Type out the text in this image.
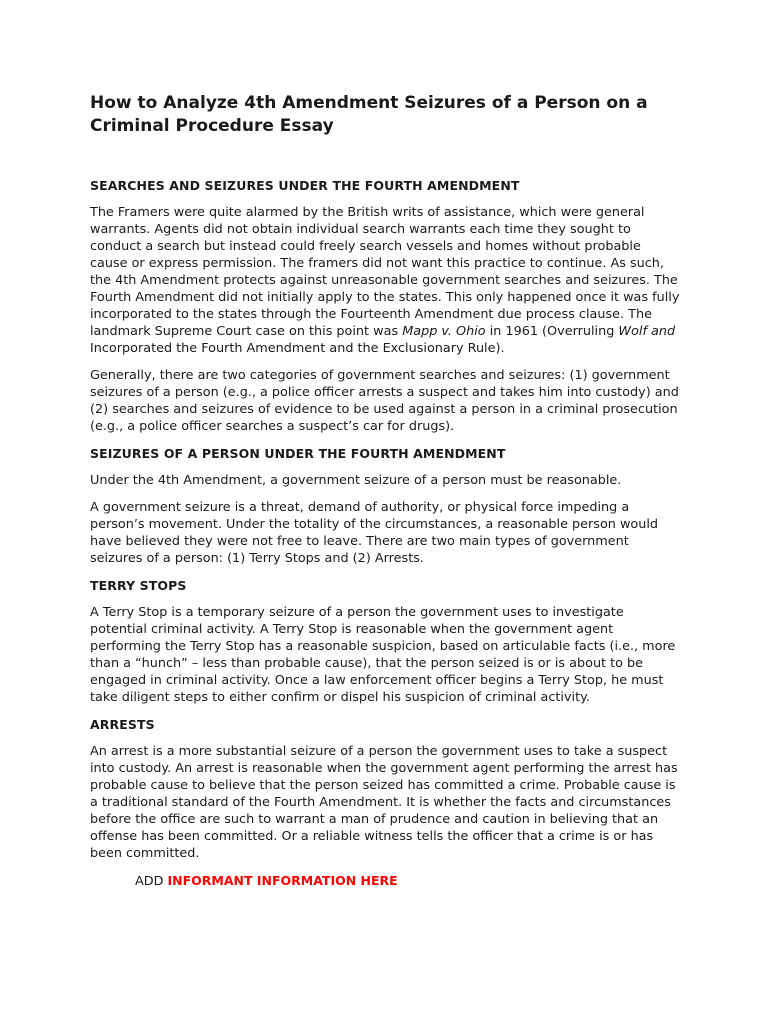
How to Analyze 4th Amendment Seizures of a Person on a Criminal Procedure Essay
SEARCHES AND SEIZURES UNDER THE FOURTH AMENDMENT

The Framers were quite alarmed by the British writs of assistance, which were general warrants. Agents did not obtain individual search warrants each time they sought to conduct a search but instead could freely search vessels and homes without probable cause or express permission. The framers did not want this practice to continue. As such, the 4th Amendment protects against unreasonable government searches and seizures. The Fourth Amendment did not initially apply to the states. This only happened once it was fully incorporated to the states through the Fourteenth Amendment due process clause. The landmark Supreme Court case on this point was Mapp v. Ohio in 1961 (Overruling Wolf and Incorporated the Fourth Amendment and the Exclusionary Rule).

Generally, there are two categories of government searches and seizures: (1) government seizures of a person (e.g., a police officer arrests a suspect and takes him into custody) and (2) searches and seizures of evidence to be used against a person in a criminal prosecution (e.g., a police officer searches a suspect’s car for drugs).

SEIZURES OF A PERSON UNDER THE FOURTH AMENDMENT

Under the 4th Amendment, a government seizure of a person must be reasonable.

A government seizure is a threat, demand of authority, or physical force impeding a person’s movement. Under the totality of the circumstances, a reasonable person would have believed they were not free to leave. There are two main types of government seizures of a person: (1) Terry Stops and (2) Arrests.

TERRY STOPS

A Terry Stop is a temporary seizure of a person the government uses to investigate potential criminal activity. A Terry Stop is reasonable when the government agent performing the Terry Stop has a reasonable suspicion, based on articulable facts (i.e., more than a “hunch” – less than probable cause), that the person seized is or is about to be engaged in criminal activity. Once a law enforcement officer begins a Terry Stop, he must take diligent steps to either confirm or dispel his suspicion of criminal activity.

ARRESTS

An arrest is a more substantial seizure of a person the government uses to take a suspect into custody. An arrest is reasonable when the government agent performing the arrest has probable cause to believe that the person seized has committed a crime. Probable cause is a traditional standard of the Fourth Amendment. It is whether the facts and circumstances before the office are such to warrant a man of prudence and caution in believing that an offense has been committed. Or a reliable witness tells the officer that a crime is or has been committed.

ADD INFORMANT INFORMATION HERE
